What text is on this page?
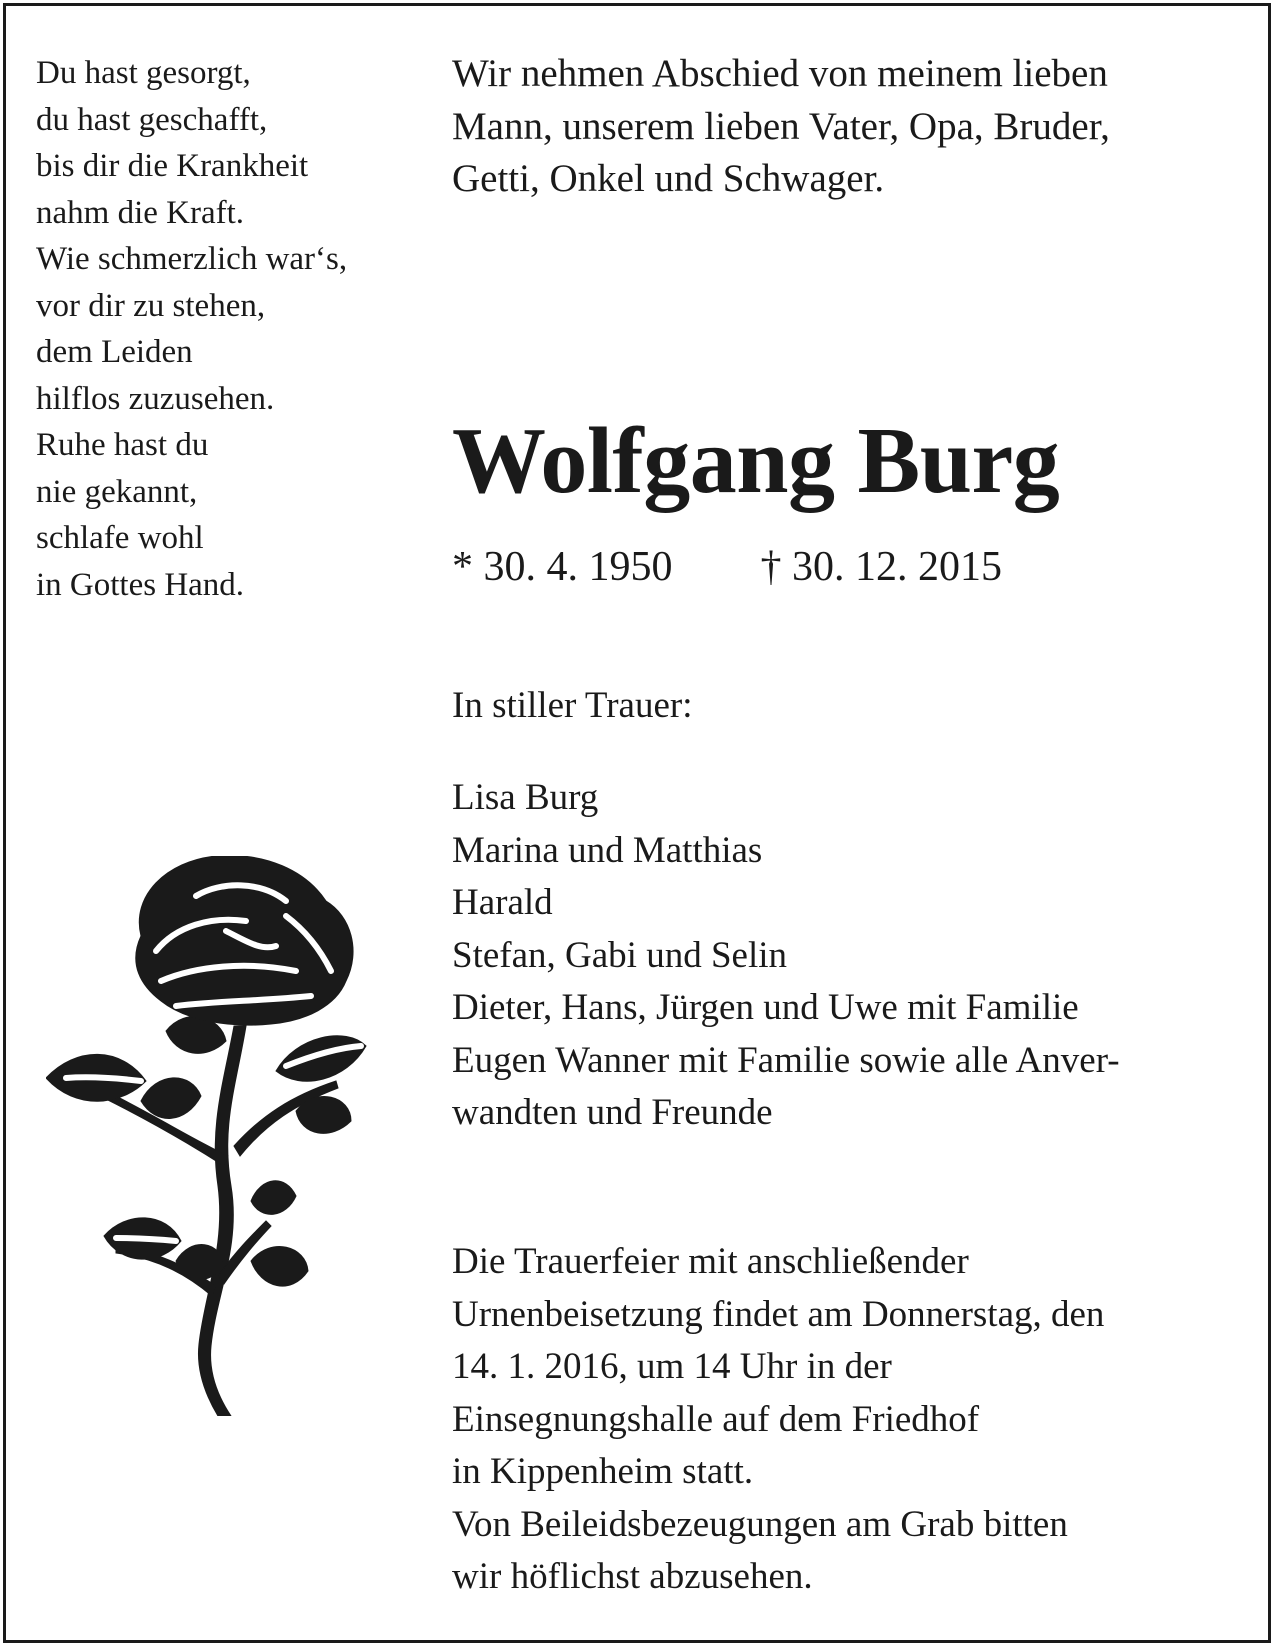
Du hast gesorgt,
du hast geschafft,
bis dir die Krankheit
nahm die Kraft.
Wie schmerzlich war‘s,
vor dir zu stehen,
dem Leiden
hilflos zuzusehen.
Ruhe hast du
nie gekannt,
schlafe wohl
in Gottes Hand.
Wir nehmen Abschied von meinem lieben
Mann, unserem lieben Vater, Opa, Bruder,
Getti, Onkel und Schwager.
Wolfgang Burg
* 30. 4. 1950 † 30. 12. 2015
In stiller Trauer:
Lisa Burg
Marina und Matthias
Harald
Stefan, Gabi und Selin
Dieter, Hans, Jürgen und Uwe mit Familie
Eugen Wanner mit Familie sowie alle Anver-
wandten und Freunde
Die Trauerfeier mit anschließender
Urnenbeisetzung findet am Donnerstag, den
14. 1. 2016, um 14 Uhr in der
Einsegnungshalle auf dem Friedhof
in Kippenheim statt.
Von Beileidsbezeugungen am Grab bitten
wir höflichst abzusehen.
